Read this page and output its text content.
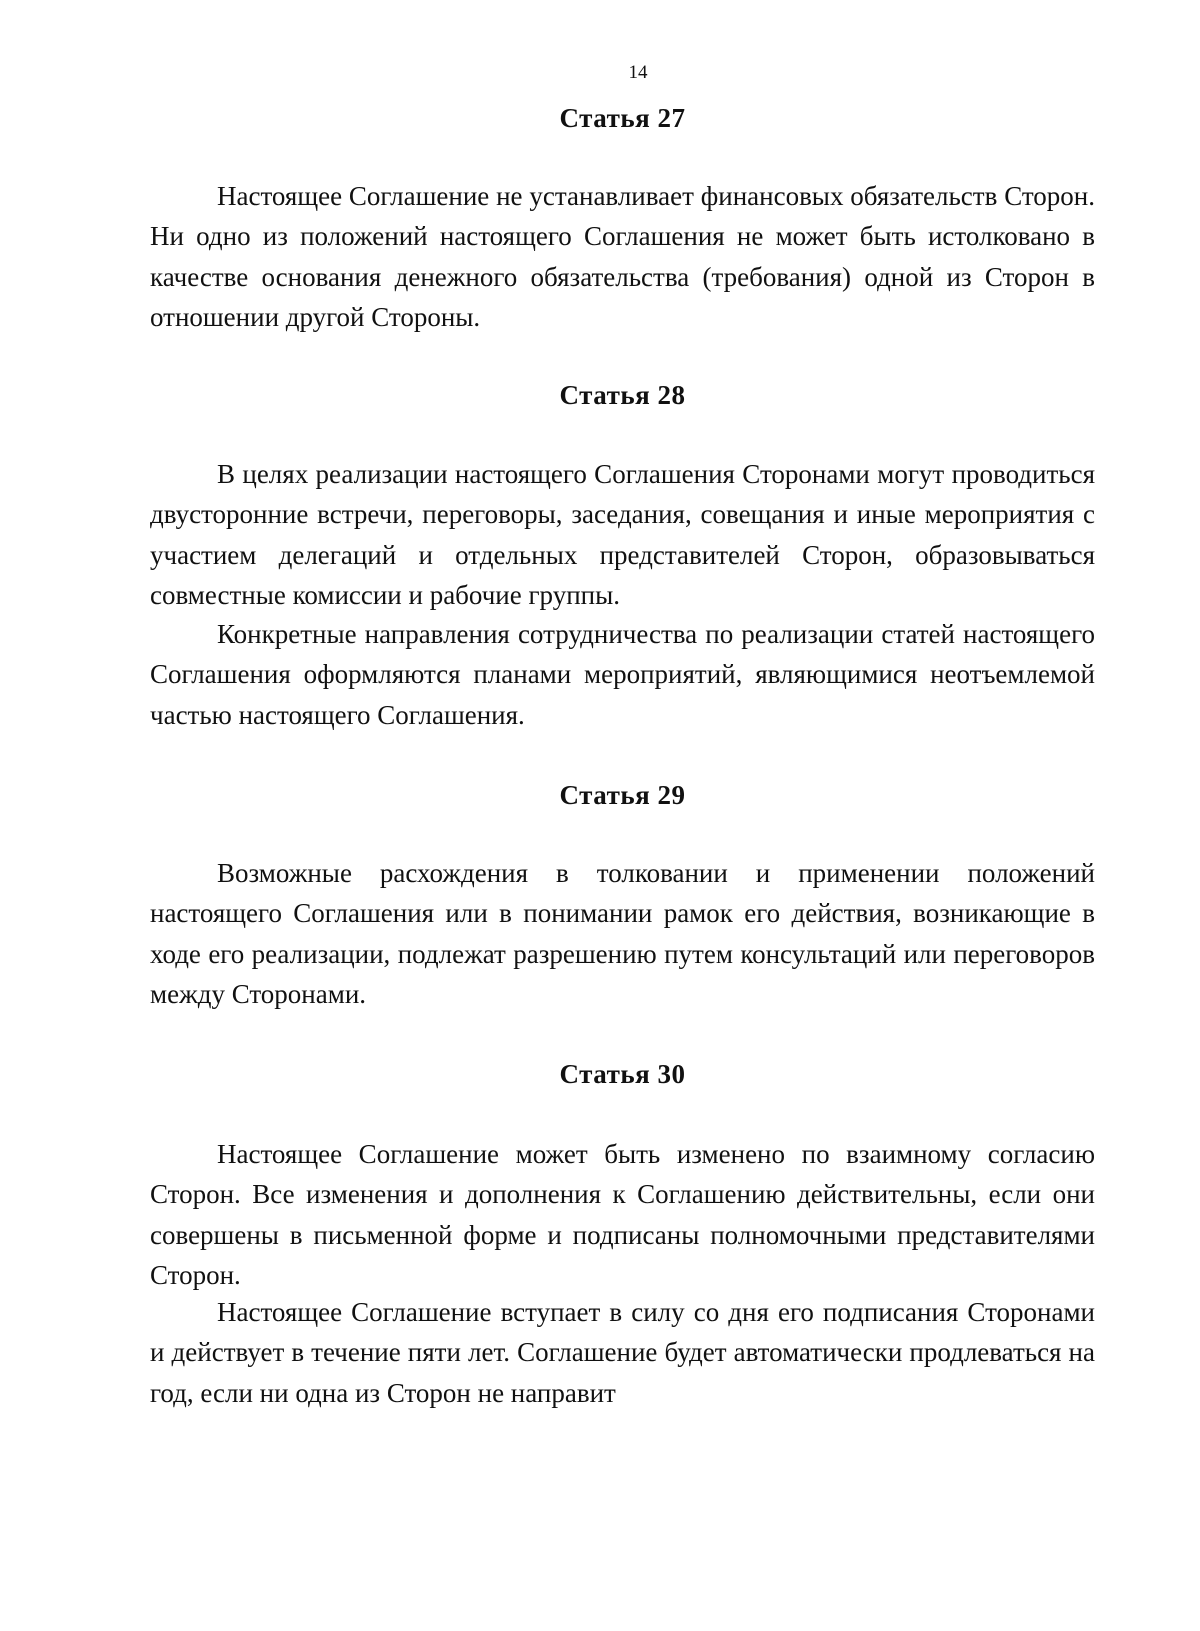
14
Статья 27

Настоящее Соглашение не устанавливает финансовых обязательств Сторон. Ни одно из положений настоящего Соглашения не может быть истолковано в качестве основания денежного обязательства (требования) одной из Сторон в отношении другой Стороны.

Статья 28

В целях реализации настоящего Соглашения Сторонами могут проводиться двусторонние встречи, переговоры, заседания, совещания и иные мероприятия с участием делегаций и отдельных представителей Сторон, образовываться совместные комиссии и рабочие группы.

Конкретные направления сотрудничества по реализации статей настоящего Соглашения оформляются планами мероприятий, являющимися неотъемлемой частью настоящего Соглашения.

Статья 29

Возможные расхождения в толковании и применении положений настоящего Соглашения или в понимании рамок его действия, возникающие в ходе его реализации, подлежат разрешению путем консультаций или переговоров между Сторонами.

Статья 30

Настоящее Соглашение может быть изменено по взаимному согласию Сторон. Все изменения и дополнения к Соглашению действительны, если они совершены в письменной форме и подписаны полномочными представителями Сторон.

Настоящее Соглашение вступает в силу со дня его подписания Сторонами и действует в течение пяти лет. Соглашение будет автоматически продлеваться на год, если ни одна из Сторон не направит
